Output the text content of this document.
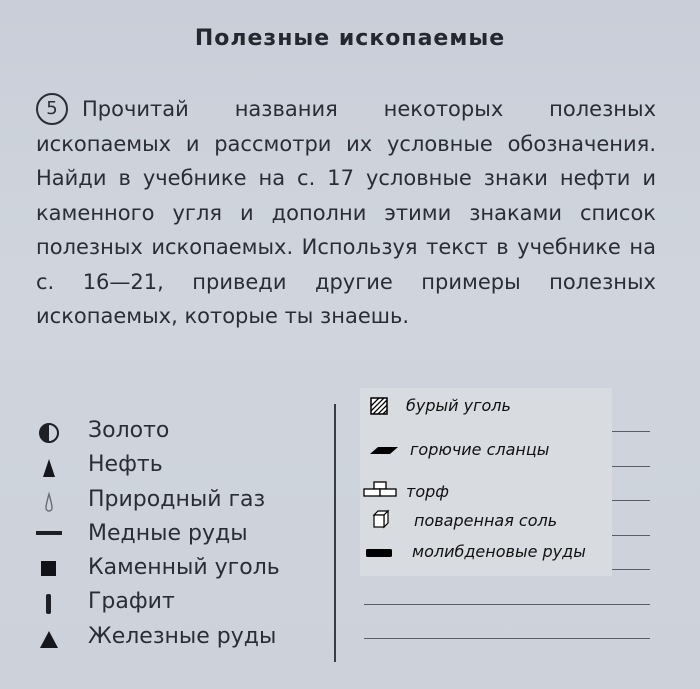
Полезные ископаемые
5 Прочитай названия некоторых полезных ископаемых и рассмотри их условные обозначения. Найди в учебнике на с. 17 условные знаки нефти и каменного угля и дополни этими знаками список полезных ископаемых. Используя текст в учебнике на с. 16—21, приведи другие примеры полезных ископаемых, которые ты знаешь.
Золото
Нефть
Природный газ
Медные руды
Каменный уголь
Графит
Железные руды
бурый уголь
горючие сланцы
торф
поваренная соль
молибденовые руды
